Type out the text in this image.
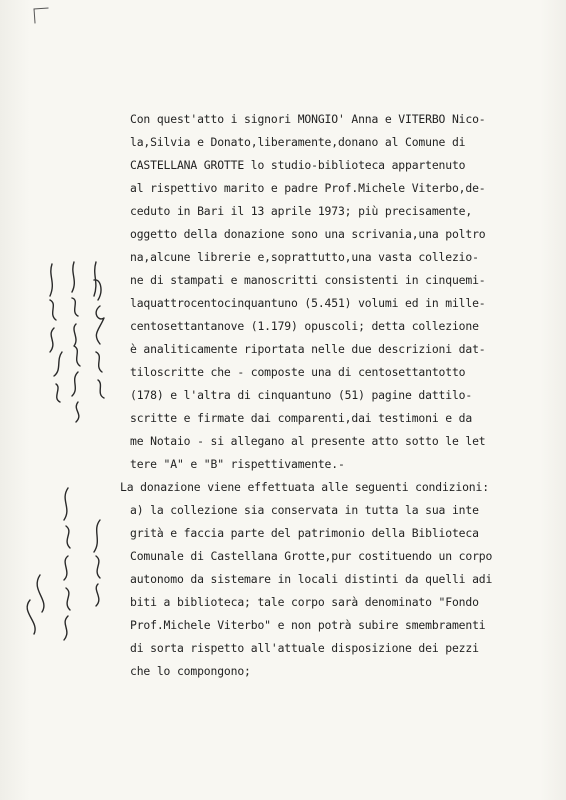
Con quest'atto i signori MONGIO' Anna e VITERBO Nico-
la,Silvia e Donato,liberamente,donano al Comune di
CASTELLANA GROTTE lo studio-biblioteca appartenuto
al rispettivo marito e padre Prof.Michele Viterbo,de-
ceduto in Bari il 13 aprile 1973; più precisamente,
oggetto della donazione sono una scrivania,una poltro
na,alcune librerie e,soprattutto,una vasta collezio-
ne di stampati e manoscritti consistenti in cinquemi-
laquattrocentocinquantuno (5.451) volumi ed in mille-
centosettantanove (1.179) opuscoli; detta collezione
è analiticamente riportata nelle due descrizioni dat-
tiloscritte che - composte una di centosettantotto
(178) e l'altra di cinquantuno (51) pagine dattilo-
scritte e firmate dai comparenti,dai testimoni e da
me Notaio - si allegano al presente atto sotto le let
tere "A" e "B" rispettivamente.-
La donazione viene effettuata alle seguenti condizioni:
a) la collezione sia conservata in tutta la sua inte
grità e faccia parte del patrimonio della Biblioteca
Comunale di Castellana Grotte,pur costituendo un corpo
autonomo da sistemare in locali distinti da quelli adi
biti a biblioteca; tale corpo sarà denominato "Fondo
Prof.Michele Viterbo" e non potrà subire smembramenti
di sorta rispetto all'attuale disposizione dei pezzi
che lo compongono;
